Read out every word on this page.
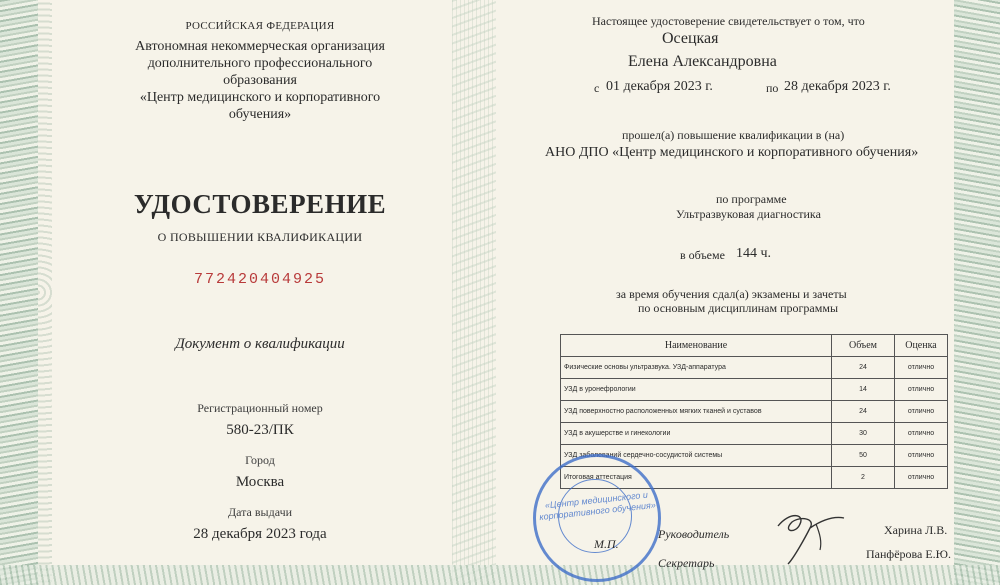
РОССИЙСКАЯ ФЕДЕРАЦИЯ
Автономная некоммерческая организация
дополнительного профессионального
образования
«Центр медицинского и корпоративного
обучения»
УДОСТОВЕРЕНИЕ
О ПОВЫШЕНИИ КВАЛИФИКАЦИИ
772420404925
Документ о квалификации
Регистрационный номер
580-23/ПК
Город
Москва
Дата выдачи
28 декабря 2023 года
Настоящее удостоверение свидетельствует о том, что
Осецкая
Елена Александровна
с 01 декабря 2023 г.	по 28 декабря 2023 г.
прошел(а) повышение квалификации в (на)
АНО ДПО «Центр медицинского и корпоративного обучения»
по программе
Ультразвуковая диагностика
в объеме 144 ч.
за время обучения сдал(а) экзамены и зачеты
по основным дисциплинам программы
Наименование	Объем	Оценка
Физические основы ультразвука. УЗД-аппаратура	24	отлично
УЗД в уронефрологии	14	отлично
УЗД поверхностно расположенных мягких тканей и суставов	24	отлично
УЗД в акушерстве и гинекологии	30	отлично
УЗД заболеваний сердечно-сосудистой системы	50	отлично
Итоговая аттестация	2	отлично
«Центр медицинского и корпоративного обучения»
М.П.
Руководитель
Секретарь
Харина Л.В.
Панфёрова Е.Ю.
